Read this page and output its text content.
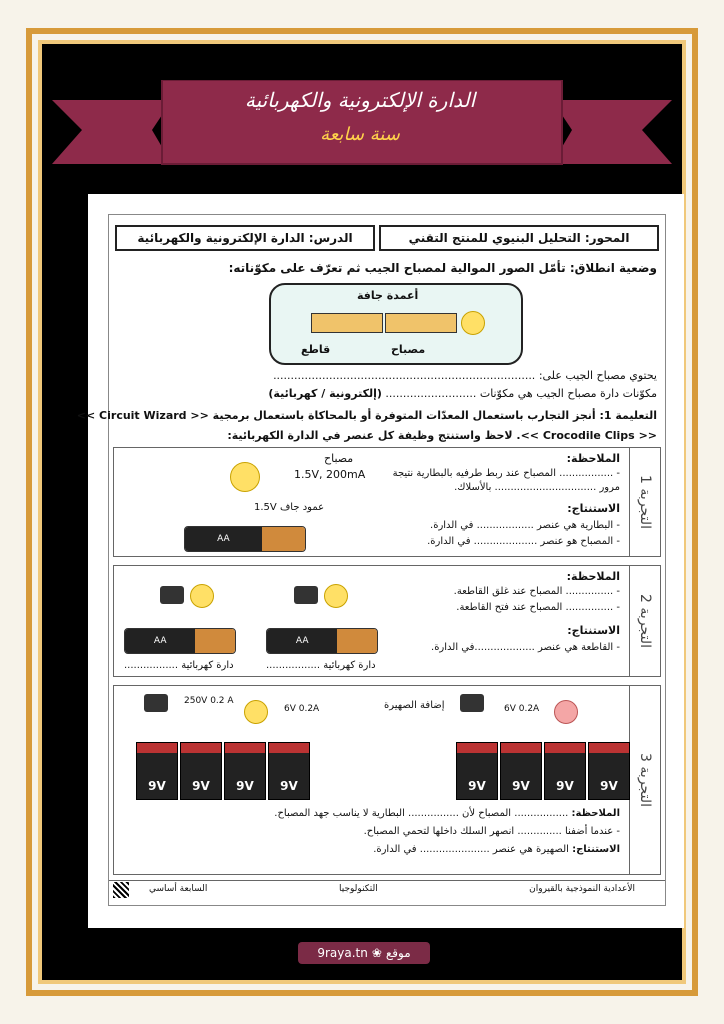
الدارة الإلكترونية والكهربائية
سنة سابعة
المحور: التحليل البنيوي للمنتج التقني
الدرس: الدارة الإلكترونية والكهربائية
وضعية انطلاق: تأمّل الصور الموالية لمصباح الجيب ثم تعرّف على مكوّناته:
أعمدة جافة
قاطع	مصباح
يحتوي مصباح الجيب على: ...........................................................................
مكوّنات دارة مصباح الجيب هي مكوّنات .......................... (إلكترونية / كهربائية)
التعليمة 1: أنجز التجارب باستعمال المعدّات المتوفرة أو بالمحاكاة باستعمال برمجية << Circuit Wizard >>
<< Crocodile Clips >>. لاحظ واستنتج وظيفة كل عنصر في الدارة الكهربائية:
التجربة 1
الملاحظة:
- ................. المصباح عند ربط طرفيه بالبطارية نتيجة
مرور ................................ بالأسلاك.
الاستنتاج:
- البطارية هي عنصر .................. في الدارة.
- المصباح هو عنصر .................... في الدارة.
مصباح
1.5V, 200mA
عمود جاف 1.5V
AA
التجربة 2
الملاحظة:
- ............... المصباح عند غلق القاطعة.
- ............... المصباح عند فتح القاطعة.
الاستنتاج:
- القاطعة هي عنصر ...................في الدارة.
AA	AA
دارة كهربائية .................	دارة كهربائية .................
التجربة 3
250V 0.2 A
6V 0.2A	إضافة الصهيرة	6V 0.2A
9V	9V	9V	9V	9V	9V	9V	9V
الملاحظة: ................. المصباح لأن ................ البطارية لا يناسب جهد المصباح.
- عندما أضفنا .............. انصهر السلك داخلها لتحمي المصباح.
الاستنتاج: الصهيرة هي عنصر ...................... في الدارة.
الأعدادية النموذجية بالقيروان
التكنولوجيا
السابعة أساسي
موقع
❀
9raya.tn
